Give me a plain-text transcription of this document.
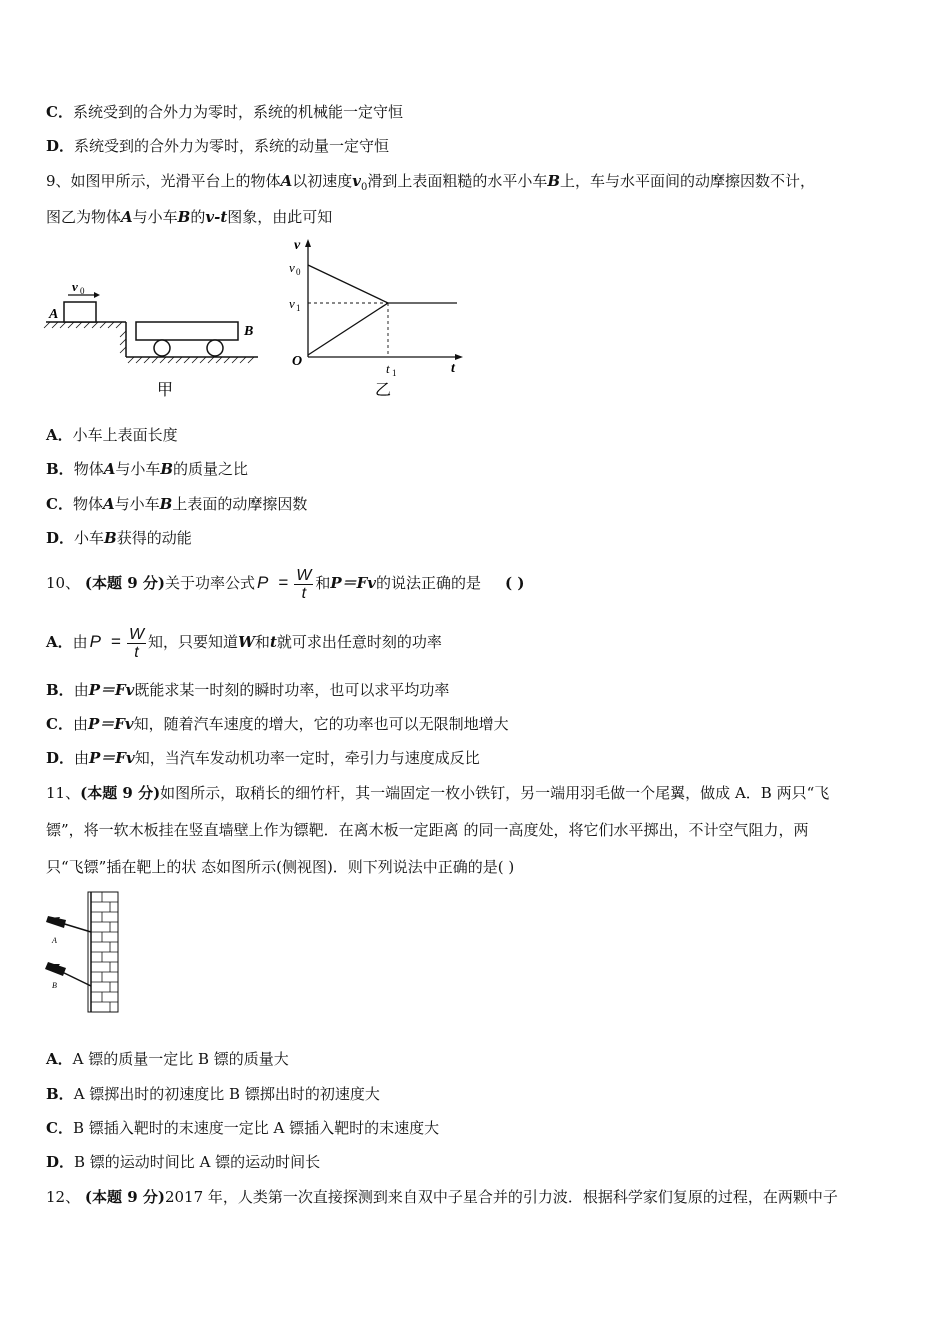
C．系统受到的合外力为零时，系统的机械能一定守恒
D．系统受到的合外力为零时，系统的动量一定守恒
9、如图甲所示，光滑平台上的物体A以初速度$v_0$滑到上表面粗糙的水平小车B上，车与水平面间的动摩擦因数不计，
图乙为物体A与小车B的v-t图象，由此可知
v 0
A
B
甲
v
t
O
v 0
v 1
t 1
乙
A．小车上表面长度
B．物体A与小车B的质量之比
C．物体A与小车B上表面的动摩擦因数
D．小车B获得的动能
10、 (本题 9 分)关于功率公式 $P = \frac{W}{t}$ 和P＝Fv的说法正确的是 ( )
A．由 $P = \frac{W}{t}$ 知，只要知道W和t就可求出任意时刻的功率
B．由P＝Fv既能求某一时刻的瞬时功率，也可以求平均功率
C．由P＝Fv知，随着汽车速度的增大，它的功率也可以无限制地增大
D．由P＝Fv知，当汽车发动机功率一定时，牵引力与速度成反比
11、(本题 9 分)如图所示，取稍长的细竹杆，其一端固定一枚小铁钉，另一端用羽毛做一个尾翼，做成 A．B 两只“飞
镖”，将一软木板挂在竖直墙壁上作为镖靶．在离木板一定距离 的同一高度处，将它们水平掷出，不计空气阻力，两
只“飞镖”插在靶上的状 态如图所示(侧视图)．则下列说法中正确的是( )
A
B
A．A 镖的质量一定比 B 镖的质量大
B．A 镖掷出时的初速度比 B 镖掷出时的初速度大
C．B 镖插入靶时的末速度一定比 A 镖插入靶时的末速度大
D．B 镖的运动时间比 A 镖的运动时间长
12、 (本题 9 分)2017 年，人类第一次直接探测到来自双中子星合并的引力波．根据科学家们复原的过程，在两颗中子
